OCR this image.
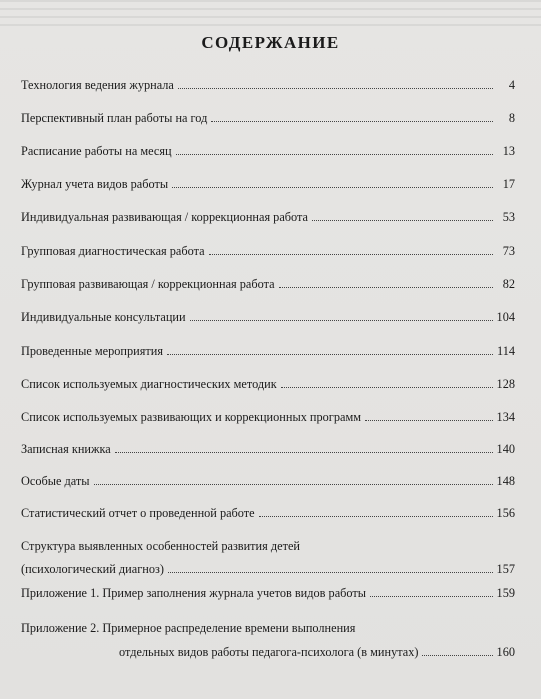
СОДЕРЖАНИЕ
Технология ведения журнала	4
Перспективный план работы на год	8
Расписание работы на месяц	13
Журнал учета видов работы	17
Индивидуальная развивающая / коррекционная работа	53
Групповая диагностическая работа	73
Групповая развивающая / коррекционная работа	82
Индивидуальные консультации	104
Проведенные мероприятия	114
Список используемых диагностических методик	128
Список используемых развивающих и коррекционных программ	134
Записная книжка	140
Особые даты	148
Статистический отчет о проведенной работе	156
Структура выявленных особенностей развития детей
(психологический диагноз)	157
Приложение 1. Пример заполнения журнала учетов видов работы	159
Приложение 2. Примерное распределение времени выполнения
отдельных видов работы педагога-психолога (в минутах)	160
